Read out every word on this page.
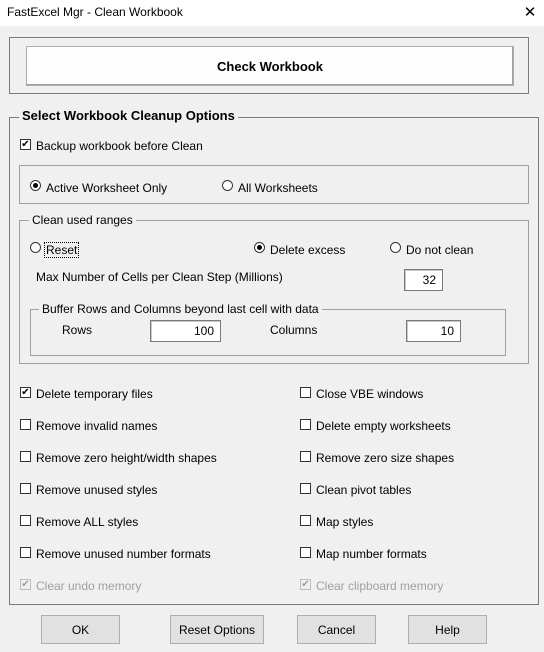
FastExcel Mgr - Clean Workbook	✕
Check Workbook
Select Workbook Cleanup Options
✔ Backup workbook before Clean
Active Worksheet Only	All Worksheets
Clean used ranges
Reset	Delete excess	Do not clean
Max Number of Cells per Clean Step (Millions)	32
Buffer Rows and Columns beyond last cell with data
Rows	100	Columns	10
✔ Delete temporary files
Remove invalid names
Remove zero height/width shapes
Remove unused styles
Remove ALL styles
Remove unused number formats
✔ Clear undo memory
Close VBE windows
Delete empty worksheets
Remove zero size shapes
Clean pivot tables
Map styles
Map number formats
✔ Clear clipboard memory
OK	Reset Options	Cancel	Help
